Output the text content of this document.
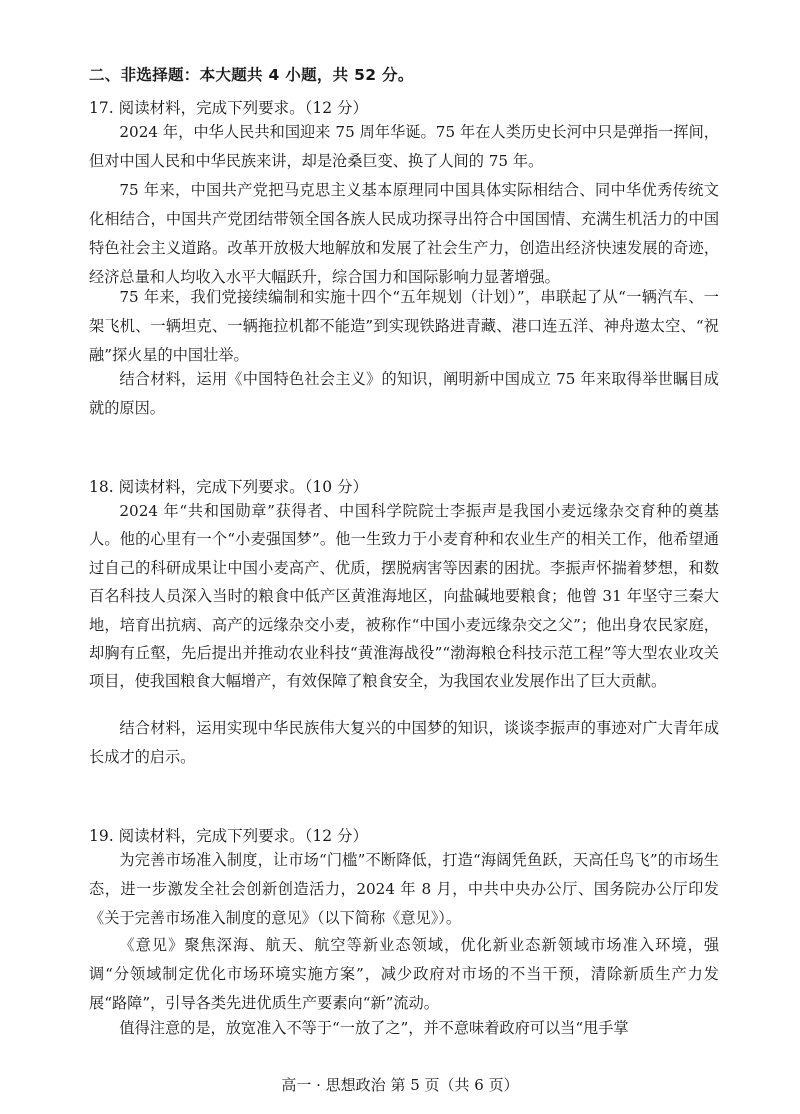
二、非选择题：本大题共 4 小题，共 52 分。
17. 阅读材料，完成下列要求。（12 分）

2024 年，中华人民共和国迎来 75 周年华诞。75 年在人类历史长河中只是弹指一挥间，但对中国人民和中华民族来讲，却是沧桑巨变、换了人间的 75 年。

75 年来，中国共产党把马克思主义基本原理同中国具体实际相结合、同中华优秀传统文化相结合，中国共产党团结带领全国各族人民成功探寻出符合中国国情、充满生机活力的中国特色社会主义道路。改革开放极大地解放和发展了社会生产力，创造出经济快速发展的奇迹，经济总量和人均收入水平大幅跃升，综合国力和国际影响力显著增强。

75 年来，我们党接续编制和实施十四个“五年规划（计划）”，串联起了从“一辆汽车、一架飞机、一辆坦克、一辆拖拉机都不能造”到实现铁路进青藏、港口连五洋、神舟遨太空、“祝融”探火星的中国壮举。

结合材料，运用《中国特色社会主义》的知识，阐明新中国成立 75 年来取得举世瞩目成就的原因。

18. 阅读材料，完成下列要求。（10 分）

2024 年“共和国勋章”获得者、中国科学院院士李振声是我国小麦远缘杂交育种的奠基人。他的心里有一个“小麦强国梦”。他一生致力于小麦育种和农业生产的相关工作，他希望通过自己的科研成果让中国小麦高产、优质，摆脱病害等因素的困扰。李振声怀揣着梦想，和数百名科技人员深入当时的粮食中低产区黄淮海地区，向盐碱地要粮食；他曾 31 年坚守三秦大地，培育出抗病、高产的远缘杂交小麦，被称作“中国小麦远缘杂交之父”；他出身农民家庭，却胸有丘壑，先后提出并推动农业科技“黄淮海战役”“渤海粮仓科技示范工程”等大型农业攻关项目，使我国粮食大幅增产，有效保障了粮食安全，为我国农业发展作出了巨大贡献。

结合材料，运用实现中华民族伟大复兴的中国梦的知识，谈谈李振声的事迹对广大青年成长成才的启示。

19. 阅读材料，完成下列要求。（12 分）

为完善市场准入制度，让市场“门槛”不断降低，打造“海阔凭鱼跃，天高任鸟飞”的市场生态，进一步激发全社会创新创造活力，2024 年 8 月，中共中央办公厅、国务院办公厅印发《关于完善市场准入制度的意见》（以下简称《意见》）。

《意见》聚焦深海、航天、航空等新业态领域，优化新业态新领域市场准入环境，强调“分领域制定优化市场环境实施方案”，减少政府对市场的不当干预，清除新质生产力发展“路障”，引导各类先进优质生产要素向“新”流动。

值得注意的是，放宽准入不等于“一放了之”，并不意味着政府可以当“甩手掌

高一 · 思想政治 第 5 页（共 6 页）
